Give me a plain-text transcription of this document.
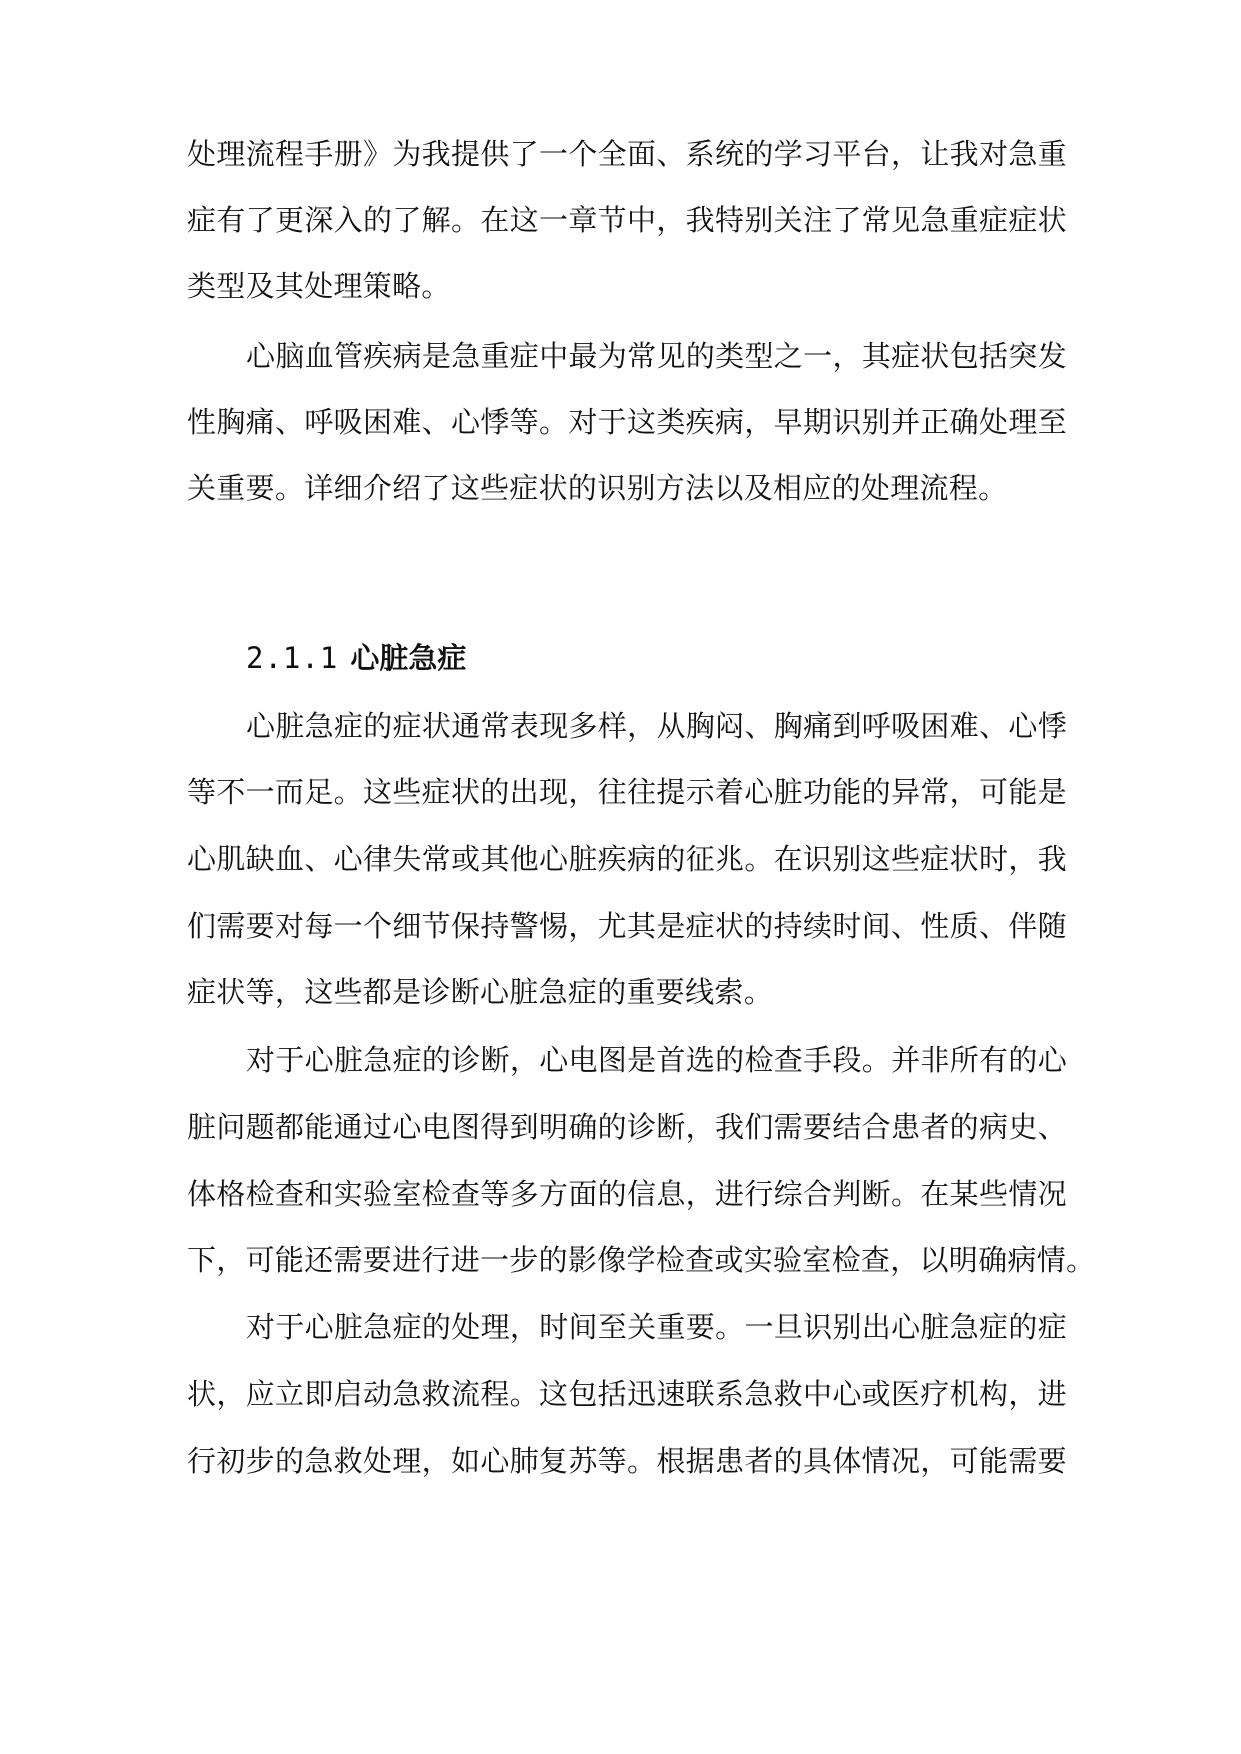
处理流程手册》为我提供了一个全面、系统的学习平台，让我对急重
症有了更深入的了解。在这一章节中，我特别关注了常见急重症症状
类型及其处理策略。
心脑血管疾病是急重症中最为常见的类型之一，其症状包括突发
性胸痛、呼吸困难、心悸等。对于这类疾病，早期识别并正确处理至
关重要。详细介绍了这些症状的识别方法以及相应的处理流程。
2.1.1 心脏急症
心脏急症的症状通常表现多样，从胸闷、胸痛到呼吸困难、心悸
等不一而足。这些症状的出现，往往提示着心脏功能的异常，可能是
心肌缺血、心律失常或其他心脏疾病的征兆。在识别这些症状时，我
们需要对每一个细节保持警惕，尤其是症状的持续时间、性质、伴随
症状等，这些都是诊断心脏急症的重要线索。
对于心脏急症的诊断，心电图是首选的检查手段。并非所有的心
脏问题都能通过心电图得到明确的诊断，我们需要结合患者的病史、
体格检查和实验室检查等多方面的信息，进行综合判断。在某些情况
下，可能还需要进行进一步的影像学检查或实验室检查，以明确病情。
对于心脏急症的处理，时间至关重要。一旦识别出心脏急症的症
状，应立即启动急救流程。这包括迅速联系急救中心或医疗机构，进
行初步的急救处理，如心肺复苏等。根据患者的具体情况，可能需要
